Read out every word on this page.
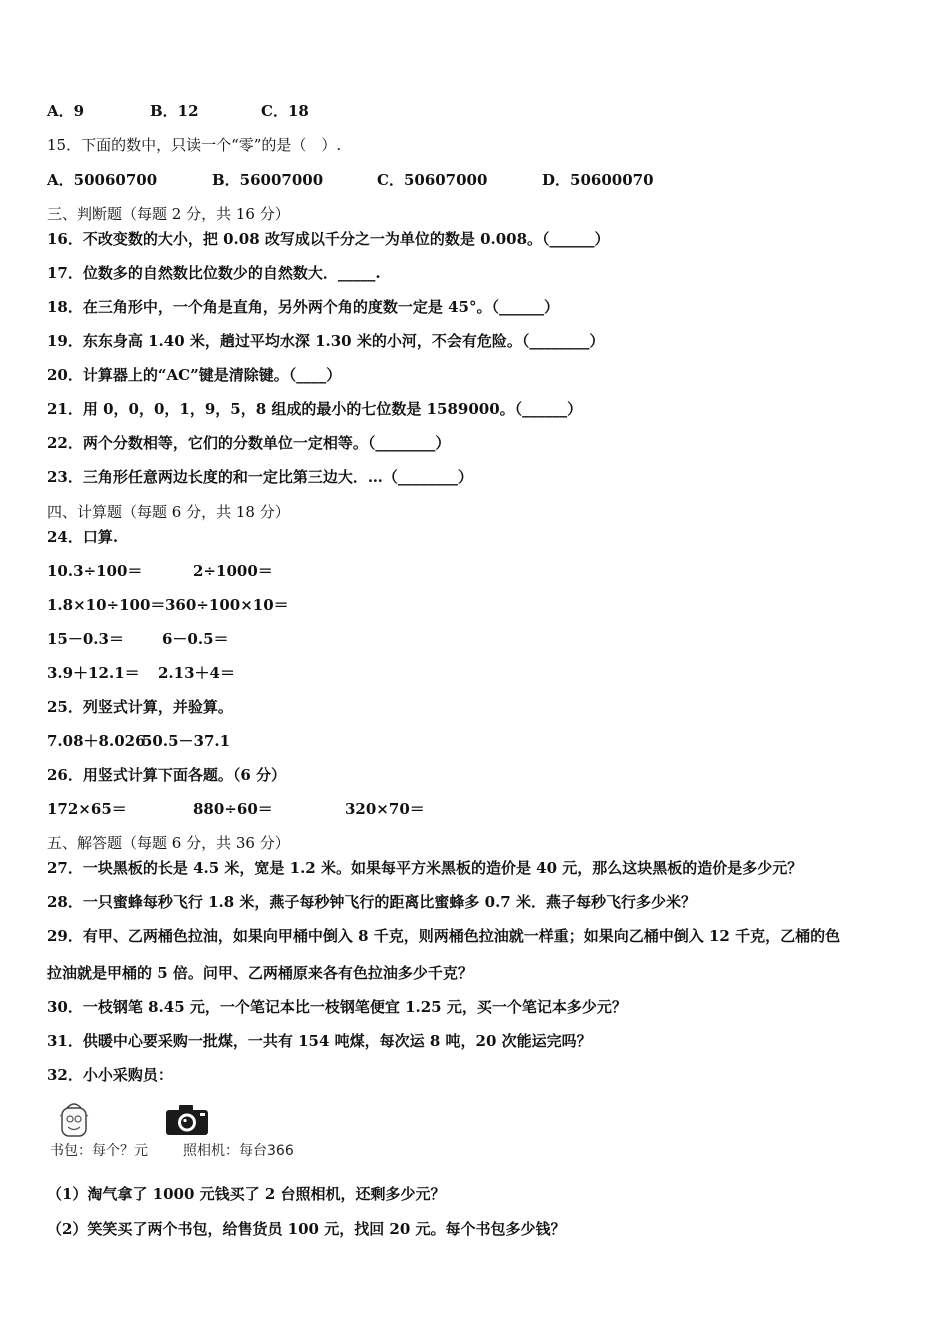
A．9	B．12	C．18
15．下面的数中，只读一个“零”的是（　）.
A．50060700	B．56007000	C．50607000	D．50600070
三、判断题（每题 2 分，共 16 分）
16．不改变数的大小，把 0.08 改写成以千分之一为单位的数是 0.008。（______）
17．位数多的自然数比位数少的自然数大．_____.
18．在三角形中，一个角是直角，另外两个角的度数一定是 45°。（______）
19．东东身高 1.40 米，趟过平均水深 1.30 米的小河，不会有危险。（________）
20．计算器上的“AC”键是清除键。（____）
21．用 0，0，0，1，9，5，8 组成的最小的七位数是 1589000。（______）
22．两个分数相等，它们的分数单位一定相等。（________）
23．三角形任意两边长度的和一定比第三边大．…（________）
四、计算题（每题 6 分，共 18 分）
24．口算.
10.3÷100＝	2÷1000＝
1.8×10÷100＝ 360÷100×10＝
15－0.3＝	6－0.5＝
3.9＋12.1＝ 2.13＋4＝
25．列竖式计算，并验算。
7.08＋8.026
50.5－37.1
26．用竖式计算下面各题。（6 分）
172×65＝	880÷60＝	320×70＝
五、解答题（每题 6 分，共 36 分）
27．一块黑板的长是 4.5 米，宽是 1.2 米。如果每平方米黑板的造价是 40 元，那么这块黑板的造价是多少元？
28．一只蜜蜂每秒飞行 1.8 米，燕子每秒钟飞行的距离比蜜蜂多 0.7 米．燕子每秒飞行多少米？
29．有甲、乙两桶色拉油，如果向甲桶中倒入 8 千克，则两桶色拉油就一样重；如果向乙桶中倒入 12 千克，乙桶的色
拉油就是甲桶的 5 倍。问甲、乙两桶原来各有色拉油多少千克？
30．一枝钢笔 8.45 元，一个笔记本比一枝钢笔便宜 1.25 元，买一个笔记本多少元？
31．供暖中心要采购一批煤，一共有 154 吨煤，每次运 8 吨，20 次能运完吗？
32．小小采购员：
书包：每个？元	照相机：每台366
（1）淘气拿了 1000 元钱买了 2 台照相机，还剩多少元？
（2）笑笑买了两个书包，给售货员 100 元，找回 20 元。每个书包多少钱？
